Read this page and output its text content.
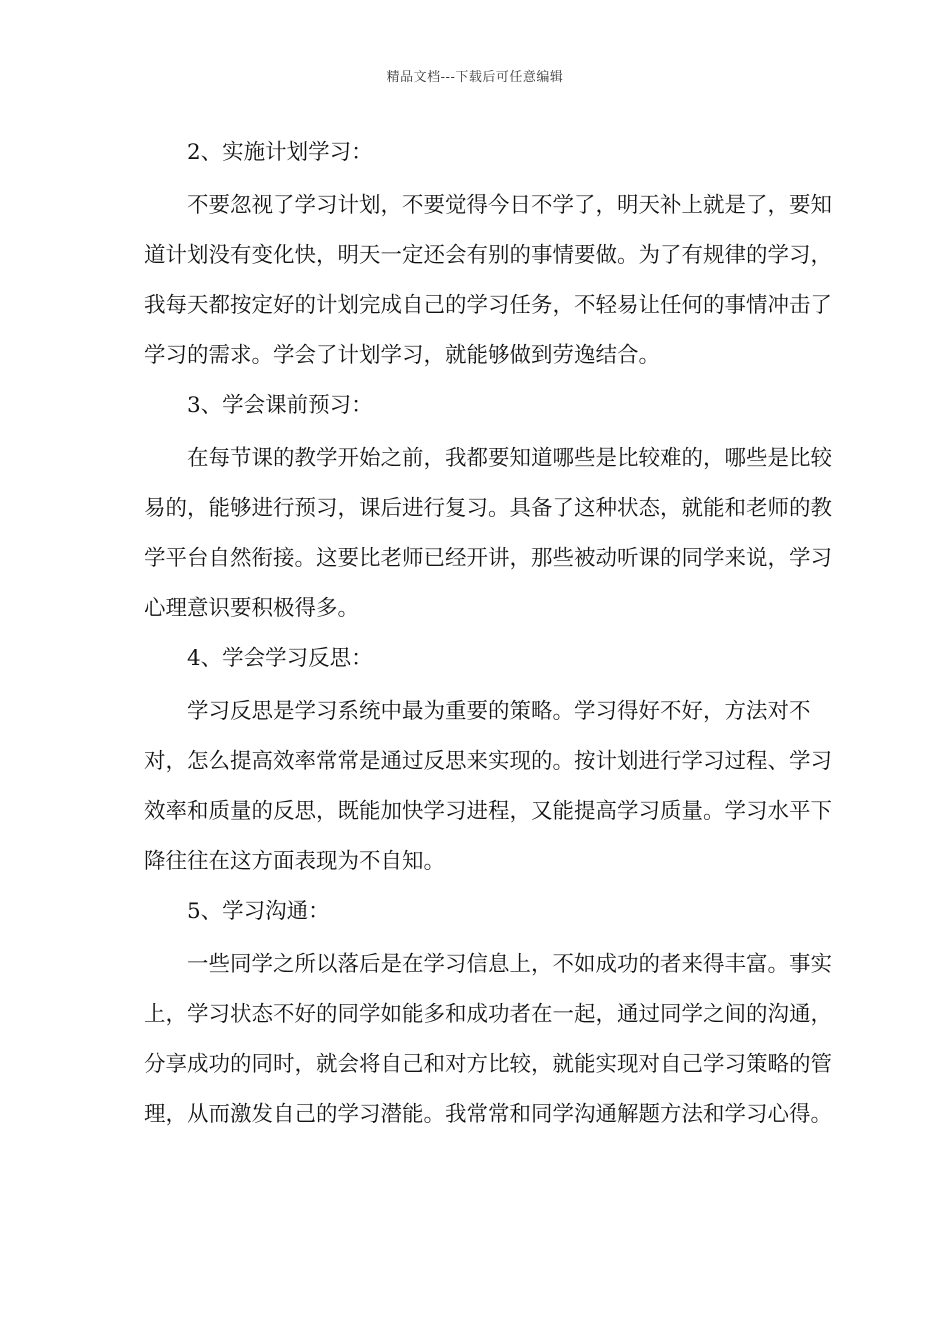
精品文档---下载后可任意编辑

2、实施计划学习：

不要忽视了学习计划，不要觉得今日不学了，明天补上就是了，要知道计划没有变化快，明天一定还会有别的事情要做。为了有规律的学习，我每天都按定好的计划完成自己的学习任务，不轻易让任何的事情冲击了学习的需求。学会了计划学习，就能够做到劳逸结合。

3、学会课前预习：

在每节课的教学开始之前，我都要知道哪些是比较难的，哪些是比较易的，能够进行预习，课后进行复习。具备了这种状态，就能和老师的教学平台自然衔接。这要比老师已经开讲，那些被动听课的同学来说，学习心理意识要积极得多。

4、学会学习反思：

学习反思是学习系统中最为重要的策略。学习得好不好，方法对不对，怎么提高效率常常是通过反思来实现的。按计划进行学习过程、学习效率和质量的反思，既能加快学习进程，又能提高学习质量。学习水平下降往往在这方面表现为不自知。

5、学习沟通：

一些同学之所以落后是在学习信息上，不如成功的者来得丰富。事实上，学习状态不好的同学如能多和成功者在一起，通过同学之间的沟通，分享成功的同时，就会将自己和对方比较，就能实现对自己学习策略的管理，从而激发自己的学习潜能。我常常和同学沟通解题方法和学习心得。
